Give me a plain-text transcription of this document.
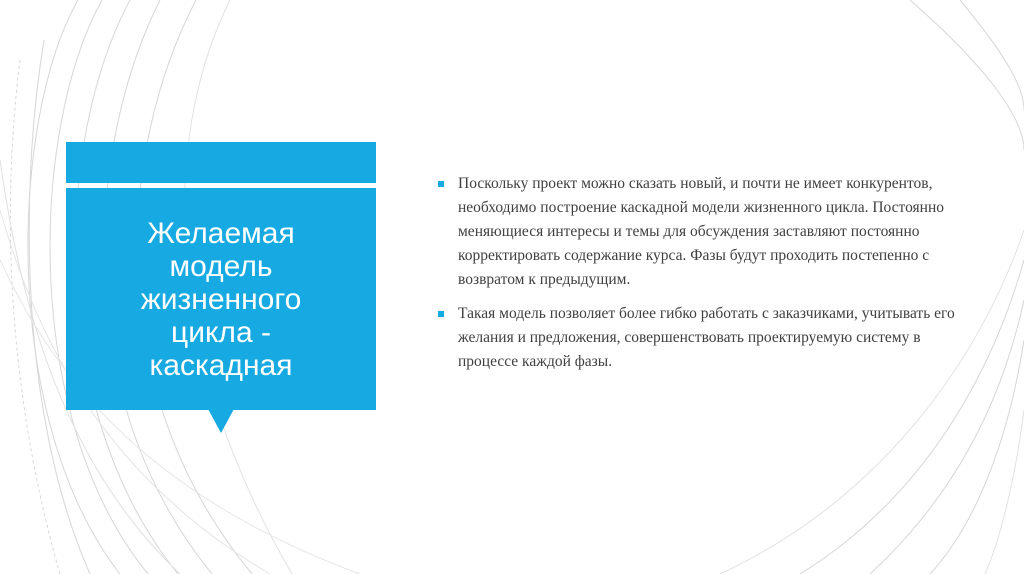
Желаемая
модель
жизненного
цикла -
каскадная

Поскольку проект можно сказать новый, и почти не имеет конкурентов, необходимо построение каскадной модели жизненного цикла. Постоянно меняющиеся интересы и темы для обсуждения заставляют постоянно корректировать содержание курса. Фазы будут проходить постепенно с возвратом к предыдущим.

Такая модель позволяет более гибко работать с заказчиками, учитывать его желания и предложения, совершенствовать проектируемую систему в процессе каждой фазы.
